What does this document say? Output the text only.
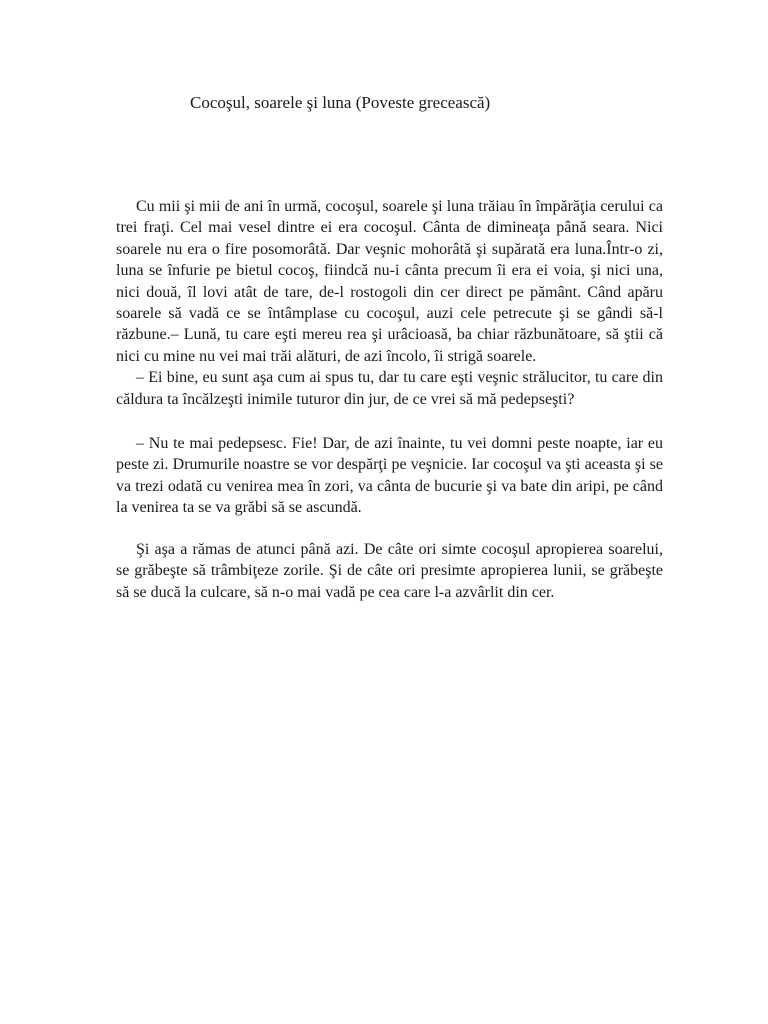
Cocoşul, soarele şi luna (Poveste grecească)

Cu mii şi mii de ani în urmă, cocoşul, soarele şi luna trăiau în împărăţia cerului ca trei fraţi. Cel mai vesel dintre ei era cocoşul. Cânta de dimineaţa până seara. Nici soarele nu era o fire posomorâtă. Dar veşnic mohorâtă şi supărată era luna.Într-o zi, luna se înfurie pe bietul cocoş, fiindcă nu-i cânta precum îi era ei voia, şi nici una, nici două, îl lovi atât de tare, de-l rostogoli din cer direct pe pământ. Când apăru soarele să vadă ce se întâmplase cu cocoşul, auzi cele petrecute şi se gândi să-l răzbune.– Lună, tu care eşti mereu rea şi urâcioasă, ba chiar răzbunătoare, să ştii că nici cu mine nu vei mai trăi alături, de azi încolo, îi strigă soarele.

– Ei bine, eu sunt aşa cum ai spus tu, dar tu care eşti veşnic strălucitor, tu care din căldura ta încălzeşti inimile tuturor din jur, de ce vrei să mă pedepseşti?

– Nu te mai pedepsesc. Fie! Dar, de azi înainte, tu vei domni peste noapte, iar eu peste zi. Drumurile noastre se vor despărţi pe veşnicie. Iar cocoşul va şti aceasta şi se va trezi odată cu venirea mea în zori, va cânta de bucurie şi va bate din aripi, pe când la venirea ta se va grăbi să se ascundă.

Şi aşa a rămas de atunci până azi. De câte ori simte cocoşul apropierea soarelui, se grăbeşte să trâmbiţeze zorile. Şi de câte ori presimte apropierea lunii, se grăbeşte să se ducă la culcare, să n-o mai vadă pe cea care l-a azvârlit din cer.
